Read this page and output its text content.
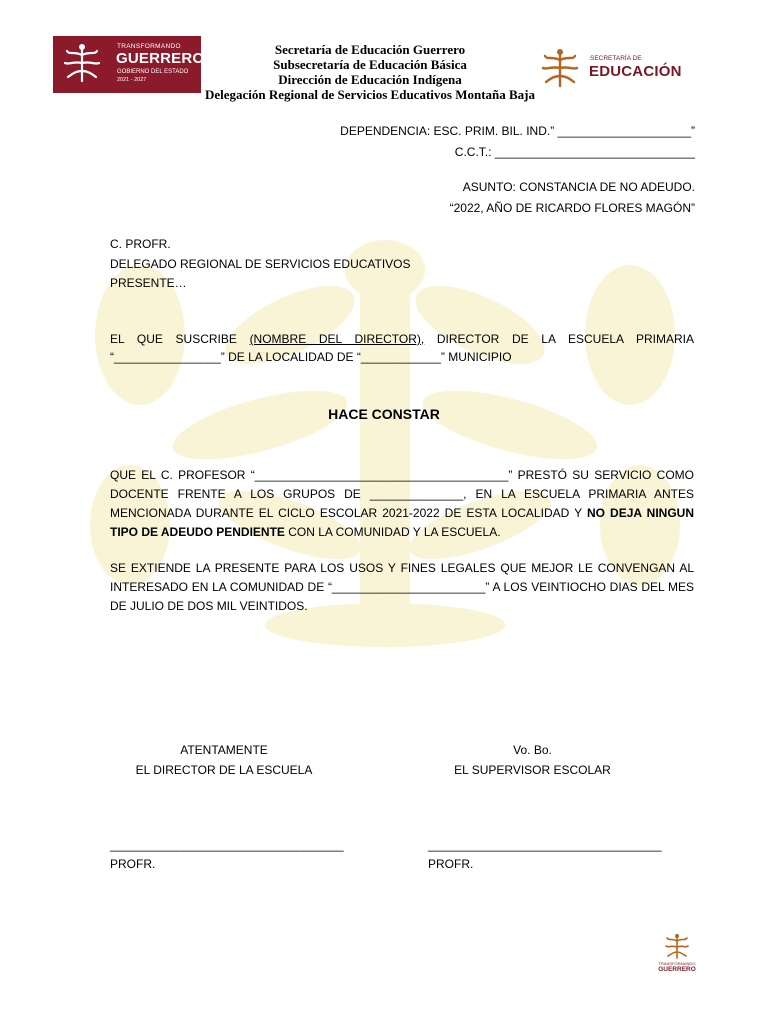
TRANSFORMANDO
GUERRERO
GOBIERNO DEL ESTADO
2021 - 2027
Secretaría de Educación Guerrero
Subsecretaría de Educación Básica
Dirección de Educación Indígena
Delegación Regional de Servicios Educativos Montaña Baja
SECRETARÍA DE
EDUCACIÓN
DEPENDENCIA: ESC. PRIM. BIL. IND.” ____________________”
C.C.T.: ______________________________
ASUNTO: CONSTANCIA DE NO ADEUDO.
“2022, AÑO DE RICARDO FLORES MAGÓN”
C. PROFR.
DELEGADO REGIONAL DE SERVICIOS EDUCATIVOS
PRESENTE…
EL QUE SUSCRIBE (NOMBRE DEL DIRECTOR), DIRECTOR DE LA ESCUELA PRIMARIA
“________________” DE LA LOCALIDAD DE “____________” MUNICIPIO
HACE CONSTAR
QUE EL C. PROFESOR “______________________________________” PRESTÓ SU SERVICIO COMO
DOCENTE FRENTE A LOS GRUPOS DE ______________, EN LA ESCUELA PRIMARIA ANTES
MENCIONADA DURANTE EL CICLO ESCOLAR 2021-2022 DE ESTA LOCALIDAD Y NO DEJA NINGUN
TIPO DE ADEUDO PENDIENTE CON LA COMUNIDAD Y LA ESCUELA.
SE EXTIENDE LA PRESENTE PARA LOS USOS Y FINES LEGALES QUE MEJOR LE CONVENGAN AL
INTERESADO EN LA COMUNIDAD DE “_______________________” A LOS VEINTIOCHO DIAS DEL MES
DE JULIO DE DOS MIL VEINTIDOS.
ATENTAMENTE
EL DIRECTOR DE LA ESCUELA
___________________________________
PROFR.
Vo. Bo.
EL SUPERVISOR ESCOLAR
___________________________________
PROFR.
TRANSFORMANDO
GUERRERO
